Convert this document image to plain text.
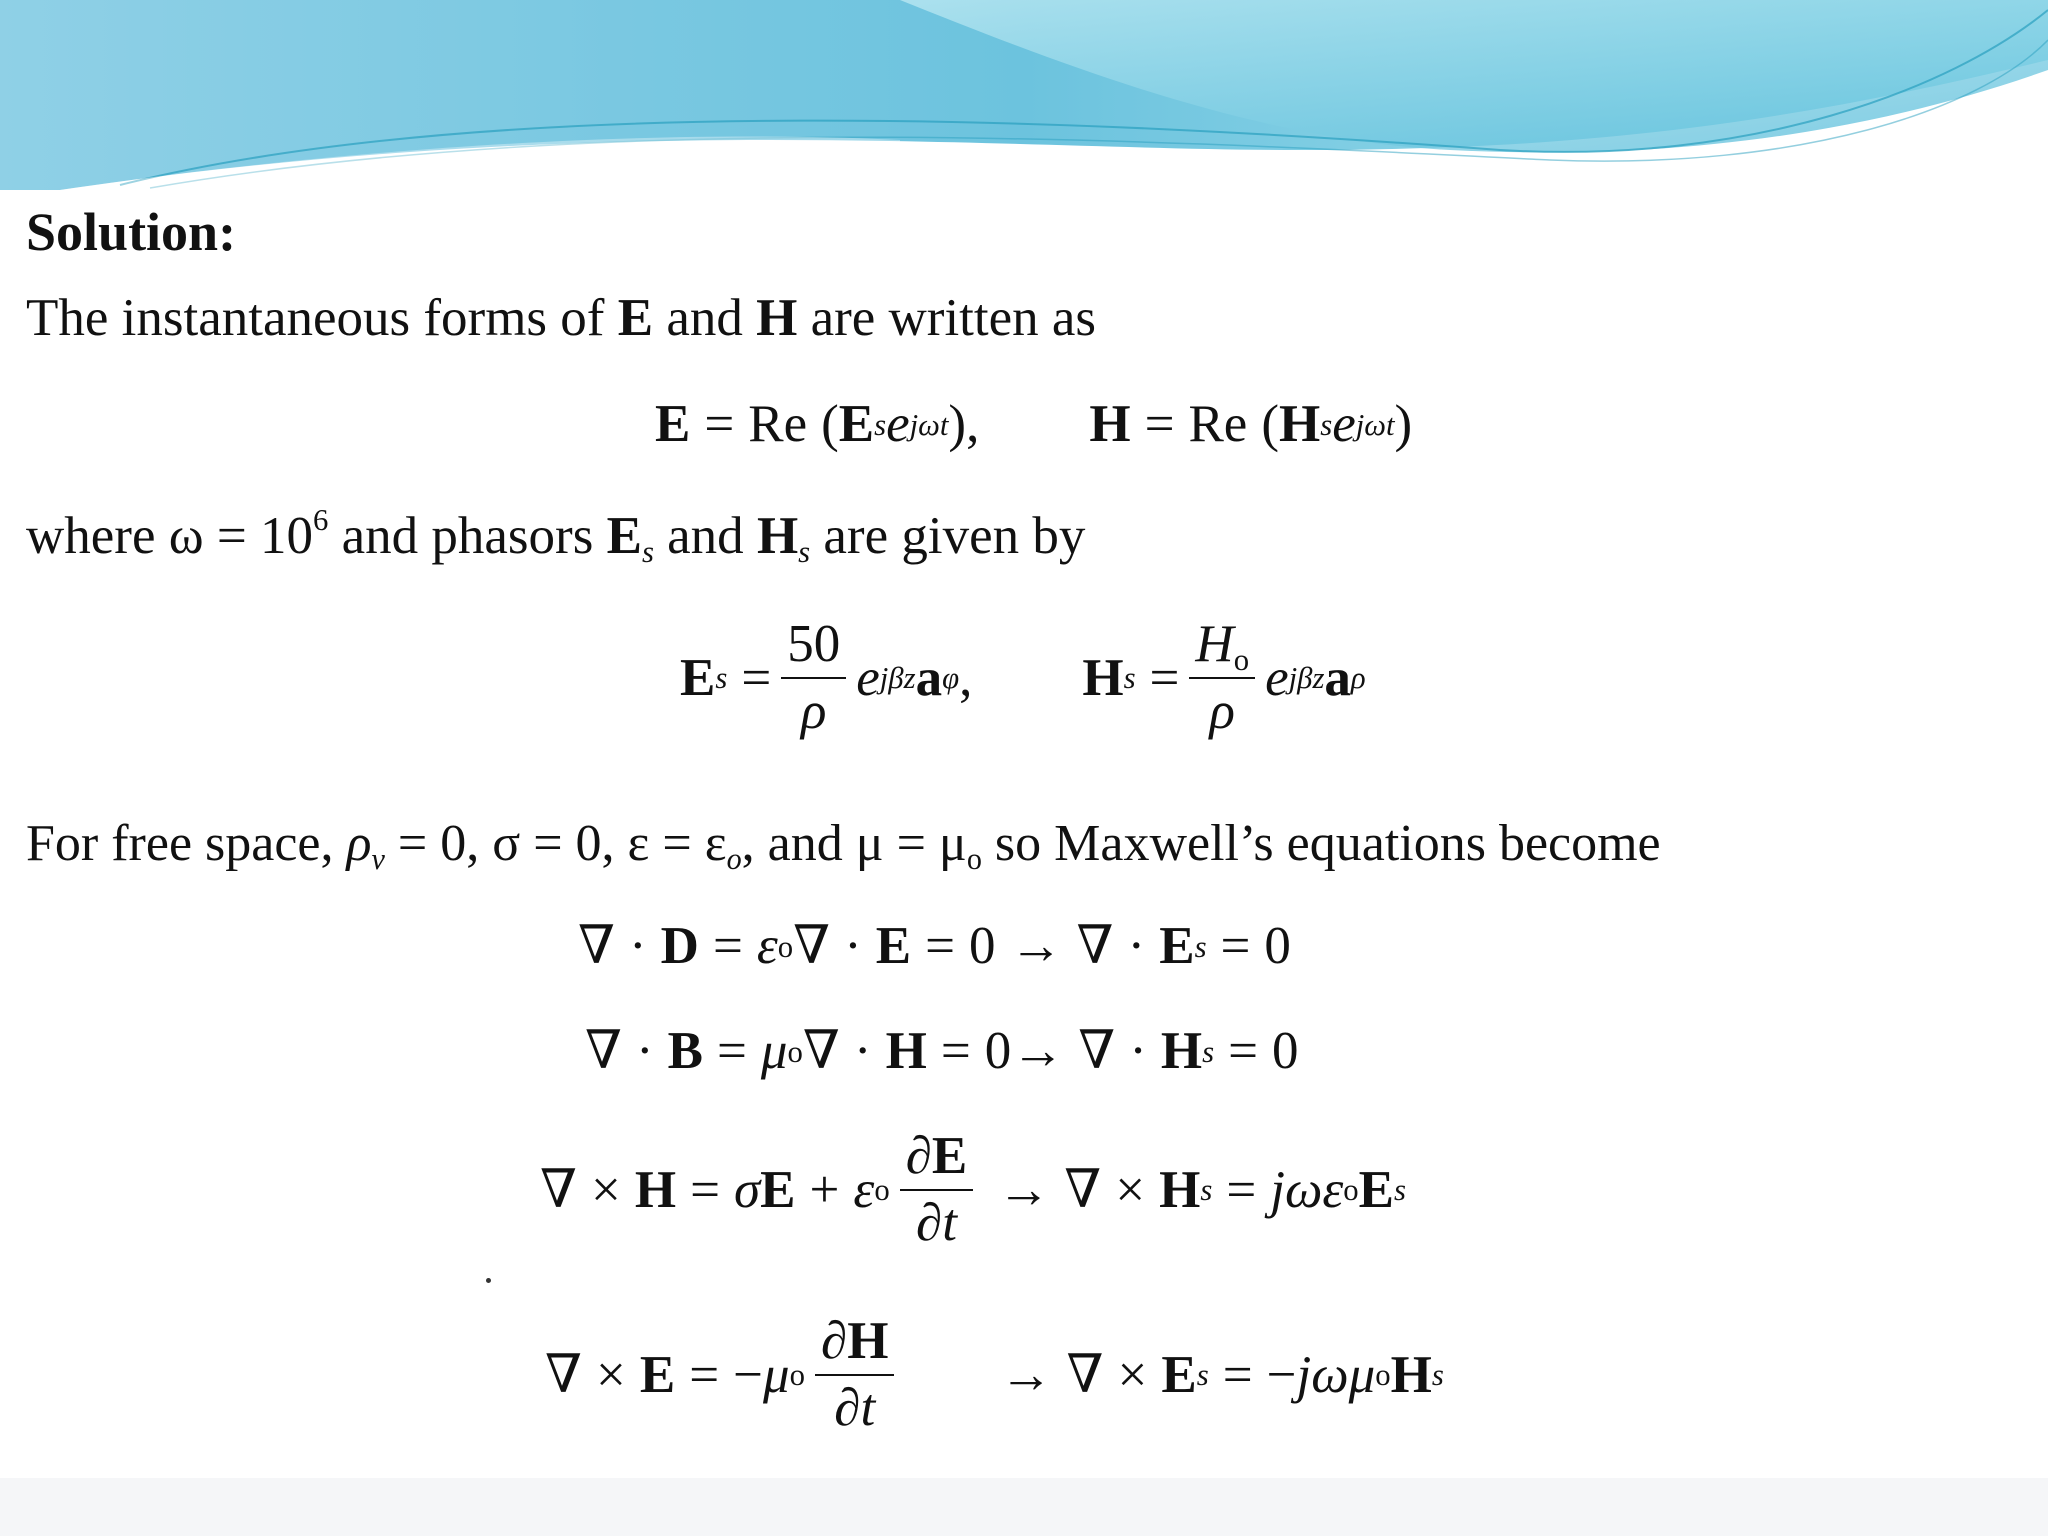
Solution:
The instantaneous forms of E and H are written as
E = Re ( E s e jωt ) , H = Re ( H s e jωt )
where $\omega = 10^6$ and phasors $E_s$ and $H_s$ are given by
E $s = \frac{50}{\rho}$ e jβz a φ , H $s = \frac{H_o}{\rho}$ e jβz a ρ
For free space, $\rho_v = 0$, σ = 0, $\varepsilon = \varepsilon_o$, and $\mu = \mu_o$ so Maxwell’s equations become
∇ · D = ε o ∇ · E = 0 → ∇ · E s = 0
∇ · B = μ o ∇ · H = 0 → ∇ · H s = 0
∇ × H = σ E + ε o $\frac{\partial E}{\partial t}$ → ∇ × H s = jω ε o E s
∇ × E = − μ o $\frac{\partial H}{\partial t}$ → ∇ × E s = − jω μ o H s
